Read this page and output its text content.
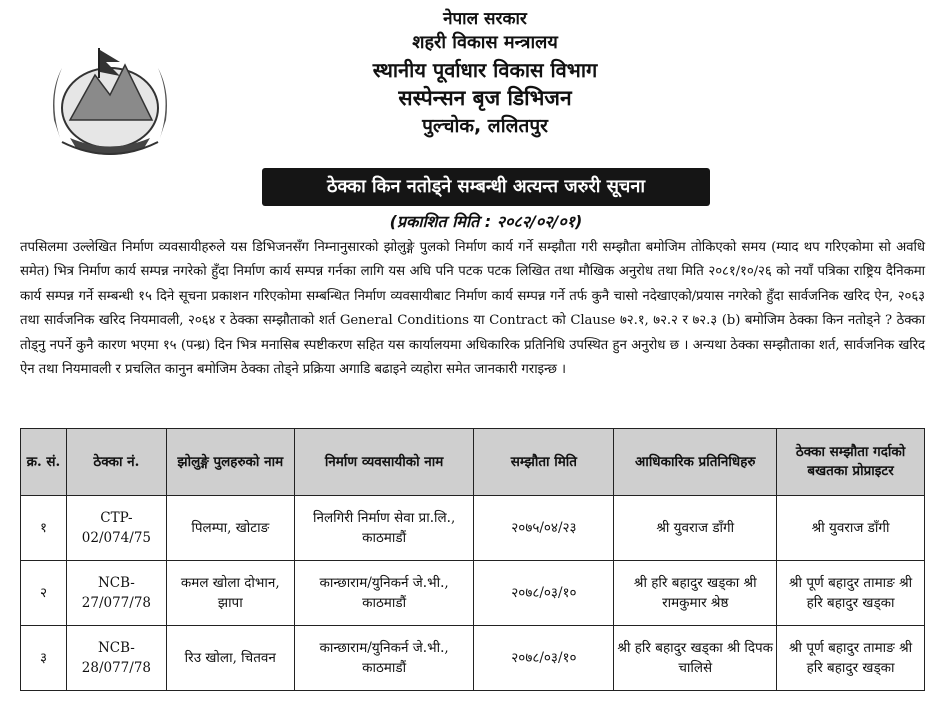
नेपाल सरकार
शहरी विकास मन्त्रालय
स्थानीय पूर्वाधार विकास विभाग
सस्पेन्सन बृज डिभिजन
पुल्चोक, ललितपुर
ठेक्का किन नतोड्ने सम्बन्धी अत्यन्त जरुरी सूचना
(प्रकाशित मिति : २०८२/०२/०१)
तपसिलमा उल्लेखित निर्माण व्यवसायीहरुले यस डिभिजनसँग निम्नानुसारको झोलुङ्गे पुलको निर्माण कार्य गर्ने सम्झौता गरी सम्झौता बमोजिम तोकिएको समय (म्याद थप गरिएकोमा सो अवधि समेत) भित्र निर्माण कार्य सम्पन्न नगरेको हुँदा निर्माण कार्य सम्पन्न गर्नका लागि यस अघि पनि पटक पटक लिखित तथा मौखिक अनुरोध तथा मिति २०८१/१०/२६ को नयाँ पत्रिका राष्ट्रिय दैनिकमा कार्य सम्पन्न गर्ने सम्बन्धी १५ दिने सूचना प्रकाशन गरिएकोमा सम्बन्धित निर्माण व्यवसायीबाट निर्माण कार्य सम्पन्न गर्ने तर्फ कुनै चासो नदेखाएको/प्रयास नगरेको हुँदा सार्वजनिक खरिद ऐन, २०६३ तथा सार्वजनिक खरिद नियमावली, २०६४ र ठेक्का सम्झौताको शर्त General Conditions या Contract को Clause ७२.१, ७२.२ र ७२.३ (b) बमोजिम ठेक्का किन नतोड्ने ? ठेक्का तोड्नु नपर्ने कुनै कारण भएमा १५ (पन्ध्र) दिन भित्र मनासिब स्पष्टीकरण सहित यस कार्यालयमा अधिकारिक प्रतिनिधि उपस्थित हुन अनुरोध छ । अन्यथा ठेक्का सम्झौताका शर्त, सार्वजनिक खरिद ऐन तथा नियमावली र प्रचलित कानुन बमोजिम ठेक्का तोड्ने प्रक्रिया अगाडि बढाइने व्यहोरा समेत जानकारी गराइन्छ ।
क्र. सं.	ठेक्का नं.	झोलुङ्गे पुलहरुको नाम	निर्माण व्यवसायीको नाम	सम्झौता मिति	आधिकारिक प्रतिनिधिहरु	ठेक्का सम्झौता गर्दाको बखतका प्रोप्राइटर
१	CTP-02/074/75	पिलम्पा, खोटाङ	निलगिरी निर्माण सेवा प्रा.लि., काठमाडौं	२०७५/०४/२३	श्री युवराज डाँगी	श्री युवराज डाँगी
२	NCB-27/077/78	कमल खोला दोभान, झापा	कान्छाराम/युनिकर्न जे.भी., काठमाडौं	२०७८/०३/१०	श्री हरि बहादुर खड्का श्री रामकुमार श्रेष्ठ	श्री पूर्ण बहादुर तामाङ श्री हरि बहादुर खड्का
३	NCB-28/077/78	रिउ खोला, चितवन	कान्छाराम/युनिकर्न जे.भी., काठमाडौं	२०७८/०३/१०	श्री हरि बहादुर खड्का श्री दिपक चालिसे	श्री पूर्ण बहादुर तामाङ श्री हरि बहादुर खड्का
